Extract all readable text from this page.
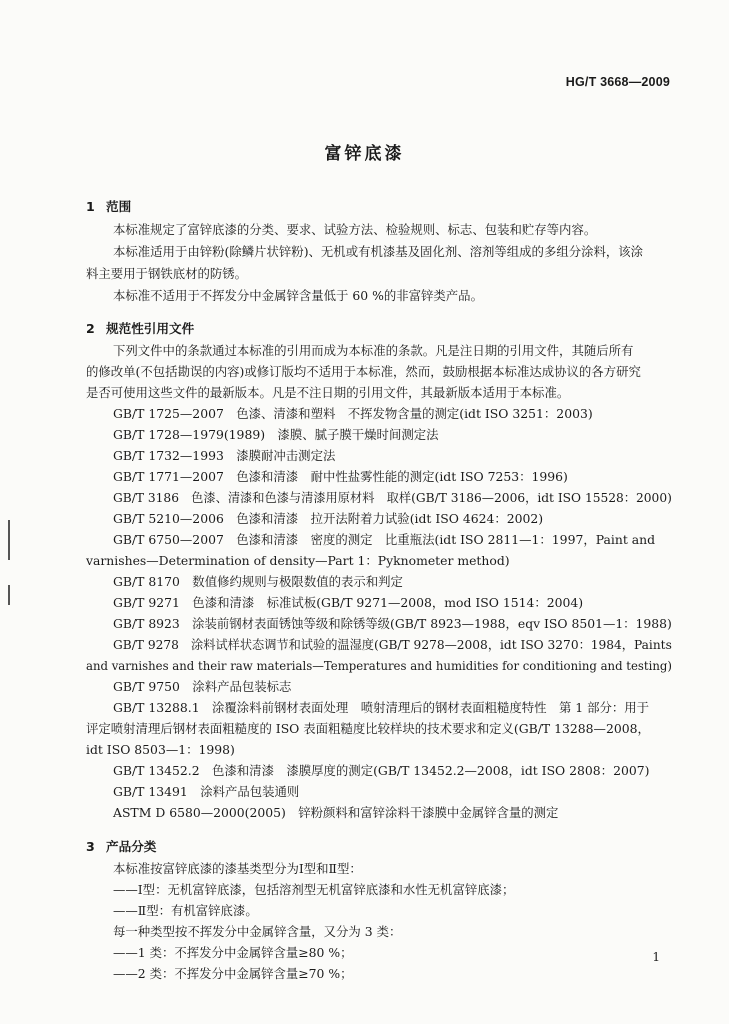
HG/T 3668—2009
富锌底漆
1 范围
本标准规定了富锌底漆的分类、要求、试验方法、检验规则、标志、包装和贮存等内容。
本标准适用于由锌粉(除鳞片状锌粉)、无机或有机漆基及固化剂、溶剂等组成的多组分涂料，该涂
料主要用于钢铁底材的防锈。
本标准不适用于不挥发分中金属锌含量低于 60 %的非富锌类产品。
2 规范性引用文件
下列文件中的条款通过本标准的引用而成为本标准的条款。凡是注日期的引用文件，其随后所有
的修改单(不包括勘误的内容)或修订版均不适用于本标准，然而，鼓励根据本标准达成协议的各方研究
是否可使用这些文件的最新版本。凡是不注日期的引用文件，其最新版本适用于本标准。
GB/T 1725—2007　色漆、清漆和塑料　不挥发物含量的测定(idt ISO 3251：2003)
GB/T 1728—1979(1989)　漆膜、腻子膜干燥时间测定法
GB/T 1732—1993　漆膜耐冲击测定法
GB/T 1771—2007　色漆和清漆　耐中性盐雾性能的测定(idt ISO 7253：1996)
GB/T 3186　色漆、清漆和色漆与清漆用原材料　取样(GB/T 3186—2006，idt ISO 15528：2000)
GB/T 5210—2006　色漆和清漆　拉开法附着力试验(idt ISO 4624：2002)
GB/T 6750—2007　色漆和清漆　密度的测定　比重瓶法(idt ISO 2811—1：1997，Paint and
varnishes—Determination of density—Part 1：Pyknometer method)
GB/T 8170　数值修约规则与极限数值的表示和判定
GB/T 9271　色漆和清漆　标准试板(GB/T 9271—2008，mod ISO 1514：2004)
GB/T 8923　涂装前钢材表面锈蚀等级和除锈等级(GB/T 8923—1988，eqv ISO 8501—1：1988)
GB/T 9278　涂料试样状态调节和试验的温湿度(GB/T 9278—2008，idt ISO 3270：1984，Paints
and varnishes and their raw materials—Temperatures and humidities for conditioning and testing)
GB/T 9750　涂料产品包装标志
GB/T 13288.1　涂覆涂料前钢材表面处理　喷射清理后的钢材表面粗糙度特性　第 1 部分：用于
评定喷射清理后钢材表面粗糙度的 ISO 表面粗糙度比较样块的技术要求和定义(GB/T 13288—2008，
idt ISO 8503—1：1998)
GB/T 13452.2　色漆和清漆　漆膜厚度的测定(GB/T 13452.2—2008，idt ISO 2808：2007)
GB/T 13491　涂料产品包装通则
ASTM D 6580—2000(2005)　锌粉颜料和富锌涂料干漆膜中金属锌含量的测定
3 产品分类
本标准按富锌底漆的漆基类型分为Ⅰ型和Ⅱ型：
——Ⅰ型：无机富锌底漆，包括溶剂型无机富锌底漆和水性无机富锌底漆；
——Ⅱ型：有机富锌底漆。
每一种类型按不挥发分中金属锌含量，又分为 3 类：
——1 类：不挥发分中金属锌含量≥80 %；
——2 类：不挥发分中金属锌含量≥70 %；
1
